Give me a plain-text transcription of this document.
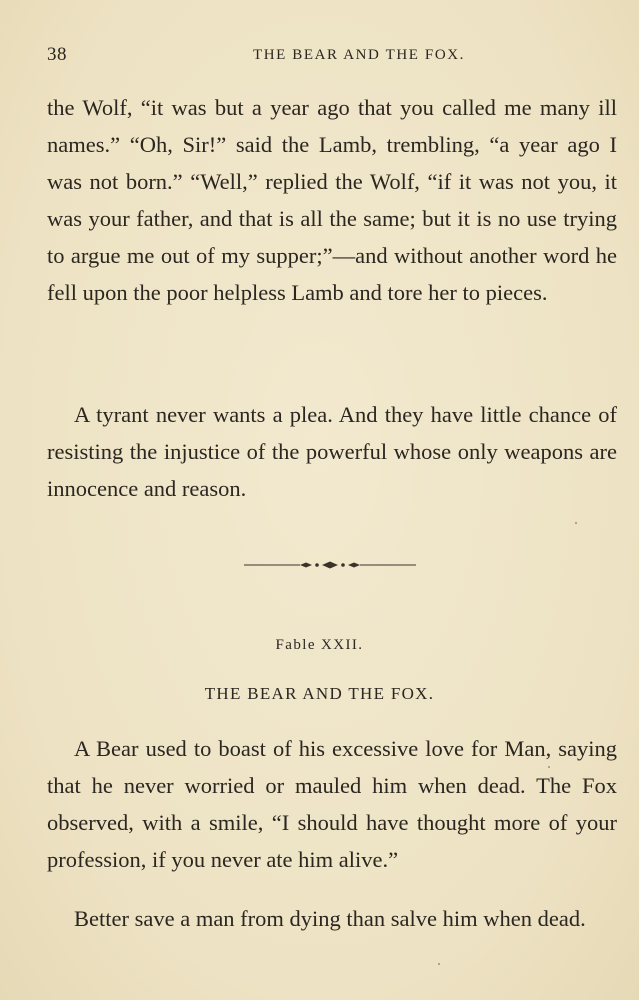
38	THE BEAR AND THE FOX.

the Wolf, “it was but a year ago that you called me many ill names.” “Oh, Sir!” said the Lamb, trembling, “a year ago I was not born.” “Well,” replied the Wolf, “if it was not you, it was your father, and that is all the same; but it is no use trying to argue me out of my supper;”—and without another word he fell upon the poor helpless Lamb and tore her to pieces.

A tyrant never wants a plea. And they have little chance of resisting the injustice of the powerful whose only weapons are innocence and reason.

Fable XXII.
THE BEAR AND THE FOX.

A Bear used to boast of his excessive love for Man, saying that he never worried or mauled him when dead. The Fox observed, with a smile, “I should have thought more of your profession, if you never ate him alive.”

Better save a man from dying than salve him when dead.
